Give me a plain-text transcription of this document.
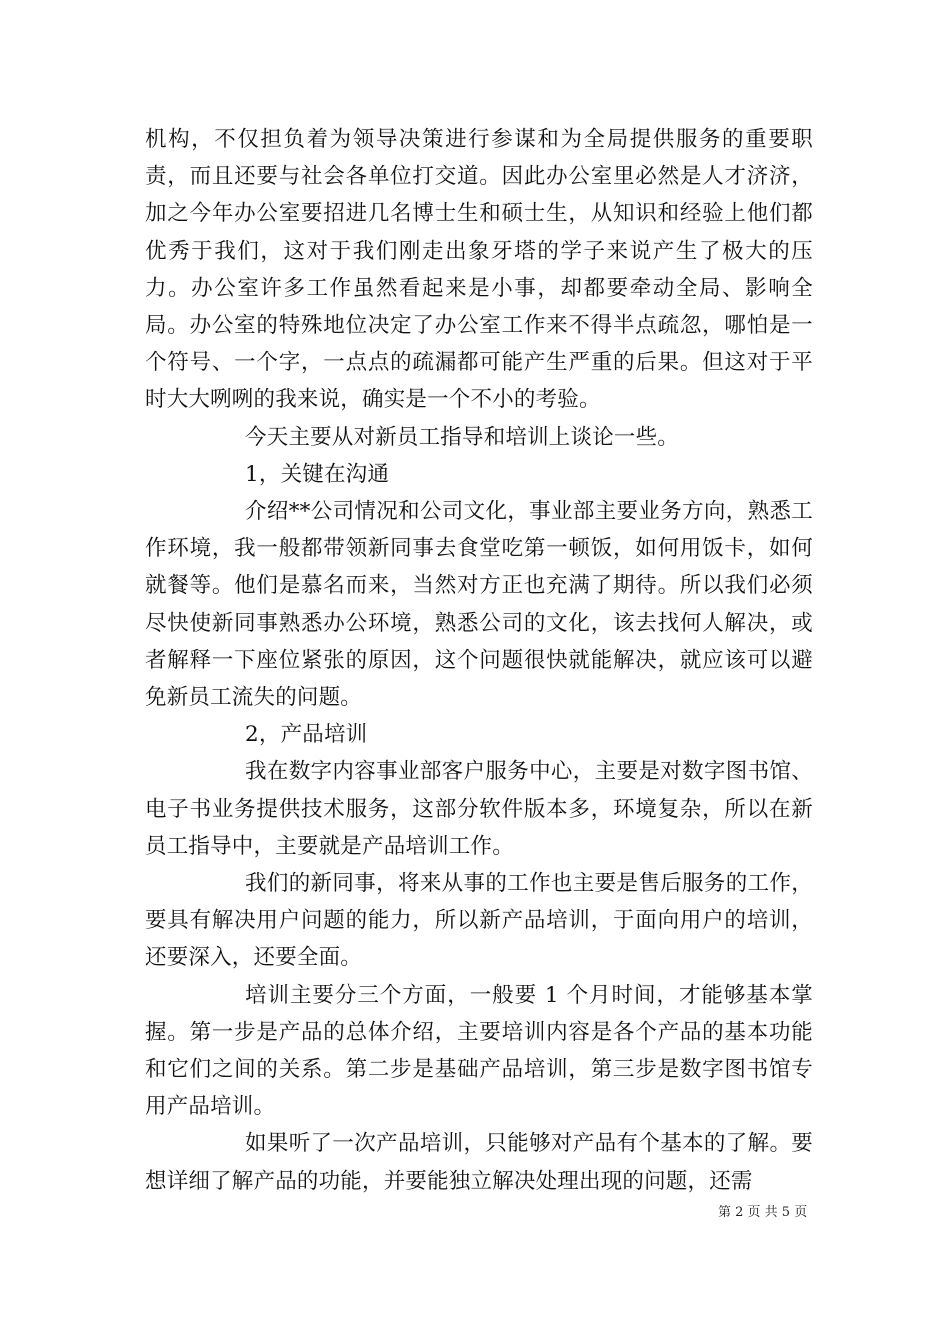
机构，不仅担负着为领导决策进行参谋和为全局提供服务的重要职责，而且还要与社会各单位打交道。因此办公室里必然是人才济济，加之今年办公室要招进几名博士生和硕士生，从知识和经验上他们都优秀于我们，这对于我们刚走出象牙塔的学子来说产生了极大的压力。办公室许多工作虽然看起来是小事，却都要牵动全局、影响全局。办公室的特殊地位决定了办公室工作来不得半点疏忽，哪怕是一个符号、一个字，一点点的疏漏都可能产生严重的后果。但这对于平时大大咧咧的我来说，确实是一个不小的考验。

今天主要从对新员工指导和培训上谈论一些。

1，关键在沟通

介绍**公司情况和公司文化，事业部主要业务方向，熟悉工作环境，我一般都带领新同事去食堂吃第一顿饭，如何用饭卡，如何就餐等。他们是慕名而来，当然对方正也充满了期待。所以我们必须尽快使新同事熟悉办公环境，熟悉公司的文化，该去找何人解决，或者解释一下座位紧张的原因，这个问题很快就能解决，就应该可以避免新员工流失的问题。

2，产品培训

我在数字内容事业部客户服务中心，主要是对数字图书馆、电子书业务提供技术服务，这部分软件版本多，环境复杂，所以在新员工指导中，主要就是产品培训工作。

我们的新同事，将来从事的工作也主要是售后服务的工作，要具有解决用户问题的能力，所以新产品培训，于面向用户的培训，还要深入，还要全面。

培训主要分三个方面，一般要 1 个月时间，才能够基本掌握。第一步是产品的总体介绍，主要培训内容是各个产品的基本功能和它们之间的关系。第二步是基础产品培训，第三步是数字图书馆专用产品培训。

如果听了一次产品培训，只能够对产品有个基本的了解。要想详细了解产品的功能，并要能独立解决处理出现的问题，还需

第 2 页 共 5 页
